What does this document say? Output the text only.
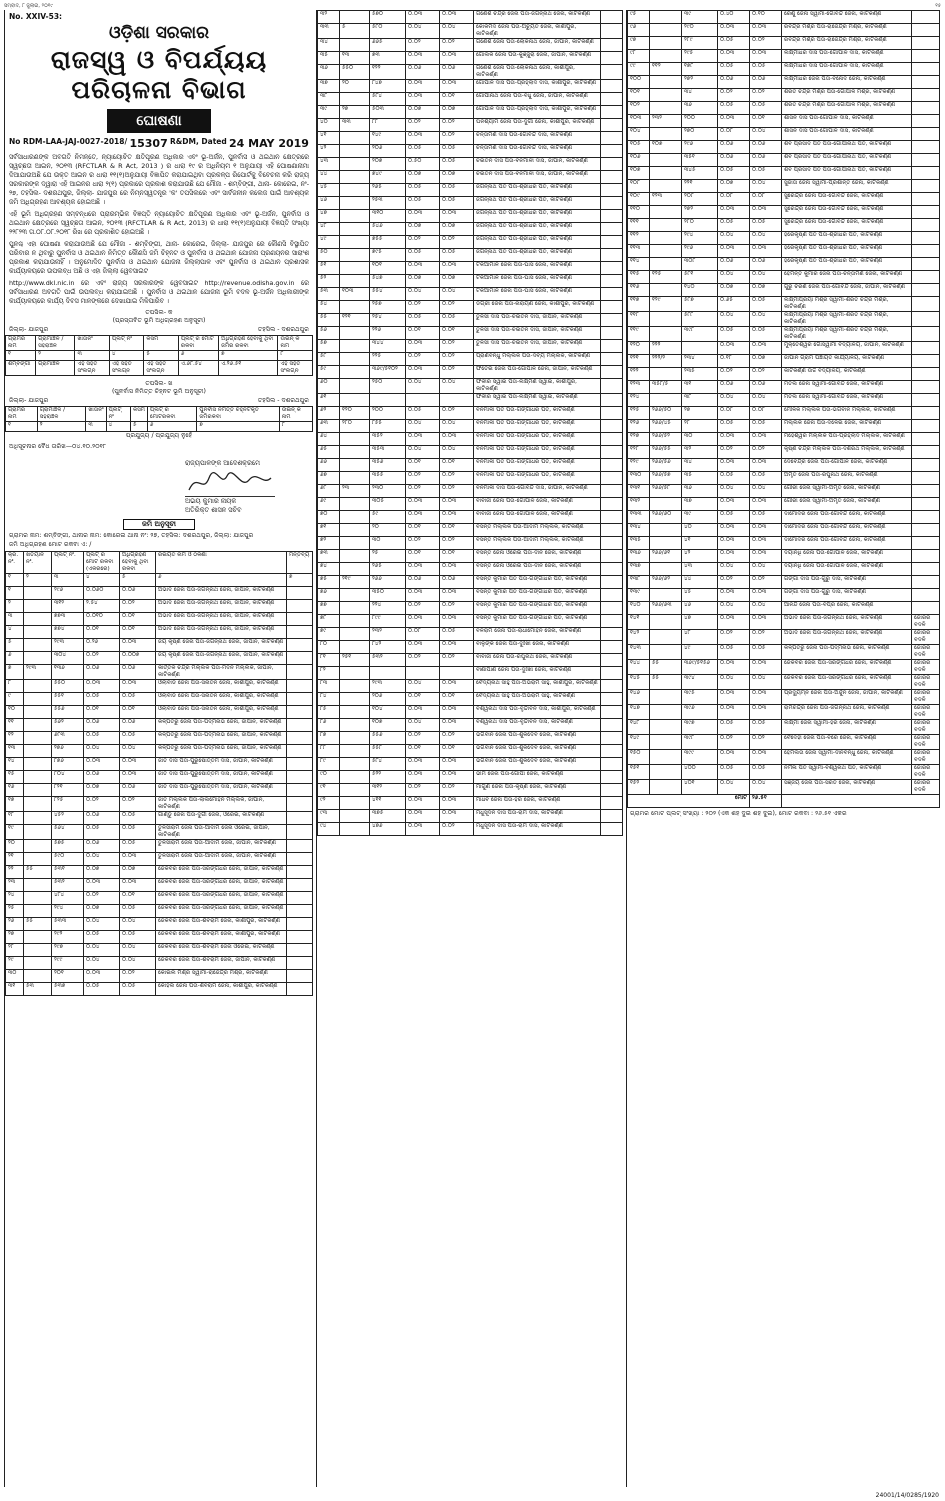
ସମ୍ବାଦ, ୮ ଜୁଲାଇ, ୨୦୧୯	୧୫
No. XXIV-53:
ଓଡ଼ିଶା ସରକାର
ରାଜସ୍ୱ ଓ ବିପର୍ଯ୍ୟୟ ପରିଚାଳନା ବିଭାଗ
ଘୋଷଣା
No RDM-LAA-JAJ-0027-2018/ 15307 R&DM, Dated 24 MAY 2019
ସର୍ବସାଧାରଣଙ୍କ ଅବଗତି ନିମନ୍ତେ, ନ୍ୟାୟୋଚିତ କ୍ଷତିପୂରଣ ଅଧିକାର ଏବଂ ଭୂ-ଅର୍ଜନ, ପୁନର୍ବାସ ଓ ଥଇଥାନ କ୍ଷେତ୍ରରେ ସ୍ୱଚ୍ଛତା ଆଇନ, ୨୦୧୩ (RFCTLAR & R Act, 2013 ) ର ଧାରା ୧୯ ର ଅଧିନିୟମ ୧ ଅନୁଯାୟୀ ଏହି ଘୋଷଣାନାମା ଦିଆଯାଉଅଛି ଯେ ଉକ୍ତ ଆଇନ ର ଧାରା ୧୧(୧)ଅନୁଯାୟୀ ବିଜ୍ଞାପିତ କରାଯାଇଥିବା ପ୍ରକଳ୍ପ ରିପୋର୍ଟକୁ ବିବେଚନା କରି ରାଜ୍ୟ ସରକାରଙ୍କ ଦ୍ୱାରା ଏହି ଆଇନର ଧାରା ୨(୧) ପ୍ରକାରେ ପ୍ରକାଶ କରାଯାଉଛି ଯେ ମୌଜା - ଶମ୍ବିଙ୍ଗୀ, ଥାନା- କୋରେଇ, ନଂ- ୨୭, ତହସିଲ- ଦଶରଥପୁର, ଜିଲ୍ଲା- ଯାଜପୁର ରେ ନିମ୍ନସ୍ୱତନ୍ତ୍ର 'କ' ତପସିଲରେ ଏବଂ ସାର୍ବଜନୀନ କଲେଜ ପାଇଁ ଆବଶ୍ୟକ ଜମି ଅଧିଗ୍ରହଣ ଆବଶ୍ୟକ ହୋଇଅଛି ।
ଏହି ଭୂମି ଅଧିଗ୍ରହଣ ସମ୍ବନ୍ଧରେ ପ୍ରାରମ୍ଭିକ ବିଜ୍ଞପ୍ତି ନ୍ୟାୟୋଚିତ କ୍ଷତିପୂରଣ ଅଧିକାର ଏବଂ ଭୂ-ଅର୍ଜନ, ପୁନର୍ବାସ ଓ ଥଇଥାନ କ୍ଷେତ୍ରରେ ସ୍ୱଚ୍ଛତା ଆଇନ, ୨୦୧୩ (RFCTLAR & R Act, 2013) ର ଧାରା ୧୧(୧)ଅନୁଯାୟୀ ବିଜ୍ଞପ୍ତି ସଂଖ୍ୟା ୨୨୮୨୩ ତା.୦୮.୦୮.୨୦୧୮ ରିଖ ରେ ପ୍ରକାଶିତ ହୋଇଅଛି ।
ପୁନଶ୍ଚ ଏହା ଘୋଷଣା କରାଯାଉଅଛି ଯେ ମୌଜା - ଶମ୍ବିଙ୍ଗୀ, ଥାନା- କୋରେଇ, ଜିଲ୍ଲା- ଯାଜପୁର ରେ କୌଣସି ବିସ୍ଥାପିତ ପରିବାର ନ ଥିବାରୁ ପୁନର୍ବାସ ଓ ଥଇଥାନ ନିମିତ୍ତ କୌଣସି ଜମି ଚିହ୍ନଟ ଓ ପୁନର୍ବାସ ଓ ଥଇଥାନ ଯୋଜନା ପ୍ରଣୟନର ସାରାଂଶ ପ୍ରକାଶ କରାଯାଉନାହିଁ । ଅନୁମୋଦିତ ପୁନର୍ବାସ ଓ ଥଇଥାନ ଯୋଜନା ଜିଲ୍ଲାପାଳ ଏବଂ ପୁନର୍ବାସ ଓ ଥଇଥାନ ପ୍ରଶାସକ କାର୍ଯ୍ୟାଳୟରେ ଉପଲବ୍ଧ ଅଛି ଓ ଏହା ଜିଲ୍ଲା ୱେବସାଇଟ
http://www.dkl.nic.in ରେ ଏବଂ ରାଜ୍ୟ ସରକାରଙ୍କ ୱେବସାଇଟ http://revenue.odisha.gov.in ରେ ସର୍ବସାଧାରଣ ଅବଗତି ପାଇଁ ଉପଲବ୍ଧ କରାଯାଇଅଛି । ପୁନର୍ବାସ ଓ ଥଇଥାନ ଯୋଜନା ଭୂମି ବଦଳ ଭୂ-ଅର୍ଜନ ଅଧିକାରୀଙ୍କ କାର୍ଯ୍ୟାଳୟରେ କାର୍ଯ୍ୟ ଦିବସ ମାନଙ୍କରେ ଦେଖାଯାଇ ମିଳିପାରିବ ।
ତପସିଲ- କ
(ପ୍ରସ୍ତାବିତ ଭୂମି ଅଧିଗ୍ରହଣ ଅନୁସୂଚୀ)
ଜିଲ୍ଲା- ଯାଜପୁର	ତହସିଲ - ଦଶରଥପୁର
ଗ୍ରାମର ନାମ	ଗ୍ରାମାଞ୍ଚଳ / ସହରାଞ୍ଚଳ	ଖାତାନଂ	ପ୍ଲଟ୍ ନଂ	କିସମ	ପ୍ଲଟ୍ ର ମୋଟ ରକବା	ଅଧିଗ୍ରହଣ ହେବାକୁ ଥିବା ଜମିର ରକବା	ଉଇନ୍ କ ନାମ
୧	୨	୩	୪	୫	୬	୭	୮
ଶମ୍ବିଙ୍ଗୀ	ଗ୍ରାମାଞ୍ଚଳ	ଏହି ସହିତ ସଂଲଗ୍ନ	ଏହି ସହିତ ସଂଲଗ୍ନ	ଏହି ସହିତ ସଂଲଗ୍ନ	ଏ.୬୮.୫୪	ଏ.୨୬.୫୧	ଏହି ସହିତ ସଂଲଗ୍ନ
ତପସିଲ- ଖ
(ପୁନର୍ବାସ ନିମିତ୍ତ ଚିହ୍ନଟ ଭୂମି ଅନୁସୂଚୀ)
ଜିଲ୍ଲା- ଯାଜପୁର	ତହସିଲ - ଦଶରଥପୁର
ଗ୍ରାମର ନାମ	ଗ୍ରାମାଞ୍ଚଳ / ସହରାଞ୍ଚଳ	ଖାତାନଂ	ପ୍ଲଟ୍ ନଂ	କିସମ	ପ୍ଲଟ୍ ର ମୋଟରକବା	ପୁନର୍ବାସ ନିମିତ୍ତ ଚିହ୍ନଟକୃତ ଜମିରକବା	ଉଇନ୍ କ ନାମ
୧	୨	୩	୪	୫	୬	୭	୮
ପ୍ରଯୁଜ୍ୟ / ପ୍ରଯୁଜ୍ୟ ନୁହେଁ
ଅଧିସୂଚନାର ବୈଧ ତାରିଖ—୦୪.୧୦.୨୦୧୮
ରାଜ୍ୟପାଳଙ୍କ ଆଦେଶକ୍ରମେ
ଅଭୟ କୁମାର ନାୟକ
ଅତିରିକ୍ତ ଶାସନ ସଚିବ
ଜମି ଅନୁସୂଚୀ
ଗ୍ରାମର ନାମ: ଶମ୍ବିଙ୍ଗୀ, ଥାନାର ନାମ: କୋରେଇ ଥାନା ନଂ: ୨୭, ତହସିଲ: ଦଶରଥପୁର, ଜିଲ୍ଲା: ଯାଜପୁର
ଜମି ଅଧିଗ୍ରହଣ ମୋଟ ରକବା ଏ: /
କ୍ର. ନଂ.	ଖତିୟାନ ନଂ.	ପ୍ଲଟ୍ ନଂ.	ପ୍ଲଟ୍ ର ମୋଟ ରକବା (ଏକରରେ)	ଅଧିଗ୍ରହଣ ହେବାକୁ ଥିବା ରକବା	ରଇୟତ ନାମ ଓ ଠିକଣା	ମନ୍ତବ୍ୟ
୧	୨	୩	୪	୫	୬	୭
୧		୨୯୬	୦.୦୬୦	୦.୦୬	ଅଭାଦି ଜେନା ପିତା-ଜଗନ୍ନାଥ ଜେନା, ଜାପାନ, କାଟିକର୍ଣ୍ଣ	
୨		୩୧୨	୨.୫୪	୦.୦୨	ଅଭାଦି ଜେନା ପିତା-ଜଗନ୍ନାଥ ଜେନା, ଜାପାନ, କାଟିକର୍ଣ୍ଣ	
୩		୭୭୩	୦.୦୧୦	୦.୦୧	ଅଭାଦି ଜେନା ପିତା-ଜଗନ୍ନାଥ ଜେନା, ଜାପାନ, କାଟିକର୍ଣ୍ଣ	
୪		୭୭୪	୦.୦୧	୦.୦୧	ଅଭାଦି ଜେନା ପିତା-ଜଗନ୍ନାଥ ଜେନା, ଜାପାନ, କାଟିକର୍ଣ୍ଣ	
୫		୨୯୩	୦.୨୬	୦.୦୩	ଜୟ କୃଷ୍ଣ ଜେନା ପିତା-ଜଗନ୍ନାଥ ଜେନା, ଜାପାନ, କାଟିକର୍ଣ୍ଣ	
୬		୩୦୪	୦.୦୨	୦.୦୦୭	ଜୟ କୃଷ୍ଣ ଜେନା ପିତା-ଜଗନ୍ନାଥ ଜେନା, ଜାପାନ, କାଟିକର୍ଣ୍ଣ	
୭	୨୯୩	୧୩୬	୦.୦୬	୦.୦୬	କାର୍ତ୍ତିକ ଚନ୍ଦ୍ର ମଲ୍ଲିକ ପିତା-ମଦନ ମଲ୍ଲିକ, ଜାପାନ, କାଟିକର୍ଣ୍ଣ	
୮		୫୫୦	୦.୦୩	୦.୦୩	ଓଲାବାଡି ଜେନା ପିତା-ସନାତନ ଜେନା, କାଶୀପୁର, କାଟିକର୍ଣ୍ଣ	
୯		୫୫୧	୦.୦୫	୦.୦୫	ଓଲାବାଡି ଜେନା ପିତା-ସନାତନ ଜେନା, କାଶୀପୁର, କାଟିକର୍ଣ୍ଣ	
୧୦		୫୫୬	୦.୦୧	୦.୦୧	ଓଲାବାଡି ଜେନା ପିତା-ସନାତନ ଜେନା, କାଶୀପୁର, କାଟିକର୍ଣ୍ଣ	
୧୧		୫୬୨	୦.୦୬	୦.୦୬	କଳ୍ପତରୁ ଜେନା ପିତା-ପଦ୍ମନାଭ ଜେନା, ଜାପାନ, କାଟିକର୍ଣ୍ଣ	
୧୨		୬୮୩	୦.୦୫	୦.୦୫	କଳ୍ପତରୁ ଜେନା ପିତା-ପଦ୍ମନାଭ ଜେନା, ଜାପାନ, କାଟିକର୍ଣ୍ଣ	
୧୩		୨୭୬	୦.୦୪	୦.୦୪	କଳ୍ପତରୁ ଜେନା ପିତା-ପଦ୍ମନାଭ ଜେନା, ଜାପାନ, କାଟିକର୍ଣ୍ଣ	
୧୪		୮୭୬	୦.୦୩	୦.୦୩	ଜାତି ଦାସ ପିତା-ପୁରୁଷୋତ୍ତମ ଦାସ, ଜାପାନ, କାଟିକର୍ଣ୍ଣ	
୧୫		୮୦୪	୦.୦୬	୦.୦୩	ଜାତି ଦାସ ପିତା-ପୁରୁଷୋତ୍ତମ ଦାସ, ଜାପାନ, କାଟିକର୍ଣ୍ଣ	
୧୬		୮୨୧	୦.୦୭	୦.୦୬	ଜାତି ଦାସ ପିତା-ପୁରୁଷୋତ୍ତମ ଦାସ, ଜାପାନ, କାଟିକର୍ଣ୍ଣ	
୧୭		୮୨୫	୦.୦୨	୦.୦୨	ଜାତି ମଲ୍ଲିକ ପିତା-ଲାଲମୋହନ ମଲ୍ଲିକ, ଜାପାନ, କାଟିକର୍ଣ୍ଣ	
୧୮		୪୫୨	୦.୦୬	୦.୦୫	ଗାଣ୍ଡୁ ଜେନା ପିତା-ଦୁର୍ଗୀ ଜେନା, ଓରେଇ, କାଟିକର୍ଣ୍ଣ	
୧୯		୫୬୪	୦.୦୫	୦.୦୫	ତୁଳସୀରାମ ଜେନା ପିତା-ଆଦାମ ଜେନା ଓରେଇ, ଜାପାନ, କାଟିକର୍ଣ୍ଣ	
୨୦		୫୭୫	୦.୦୬	୦.୦୫	ତୁଳସୀରାମ ଜେନା ପିତା-ଆଦାମ ଜେନା, ଜାପାନ, କାଟିକର୍ଣ୍ଣ	
୨୧		୫୯୦	୦.୦୪	୦.୦୩	ତୁଳସୀରାମ ଜେନା ପିତା-ଆଦାମ ଜେନା, ଜାପାନ, କାଟିକର୍ଣ୍ଣ	
୨୨	୫୫	୫୩୧	୦.୦୭	୦.୦୭	ଜେକବର ଜେନା ପିତା-ସରଙ୍ଗଧର ଜେନା, ଜାପାନ, କାଟିକର୍ଣ୍ଣ	
୨୩		୫୩୨	୦.୦୩	୦.୦୩	ଜେକବର ଜେନା ପିତା-ସରଙ୍ଗଧର ଜେନା, ଜାପାନ, କାଟିକର୍ଣ୍ଣ	
୨୪		୪୮୪	୦.୦୨	୦.୦୧	ଜେକବର ଜେନା ପିତା-ସରଙ୍ଗଧର ଜେନା, ଜାପାନ, କାଟିକର୍ଣ୍ଣ	
୨୫		୨୯୪	୦.୦୭	୦.୦୫	ଜେକବର ଜେନା ପିତା-ସରଙ୍ଗଧର ଜେନା, ଜାପାନ, କାଟିକର୍ଣ୍ଣ	
୨୬	୫୫	୫୩୩	୦.୦୪	୦.୦୪	ଜେକବର ଜେନା ପିତା-ଶିବରାମ ଜେନା, କାଶୀପୁର, କାଟିକର୍ଣ୍ଣ	
୨୭		୨୯୨	୦.୦୫	୦.୦୫	ଜେକବର ଜେନା ପିତା-ଶିବରାମ ଜେନା, କାଶୀପୁର, କାଟିକର୍ଣ୍ଣ	
୨୮		୨୯୭	୦.୦୪	୦.୦୪	ଜେକବର ଜେନା ପିତା-ଶିବରାମ ଜେନା ଓରେଇ, କାଟିକର୍ଣ୍ଣ	
୨୯		୨୯୯	୦.୦୪	୦.୦୪	ଜେକବର ଜେନା ପିତା-ଶିବରାମ ଜେନା, ଜାପାନ, କାଟିକର୍ଣ୍ଣ	
୩୦		୨୦୧	୦.୦୩	୦.୦୨	କୋଇଲି ମିଶ୍ର ସ୍ୱାମୀ-ରାଜେନ୍ଦ୍ର ମିଶ୍ର, କାଟିକର୍ଣ୍ଣ	
୩୧	୫୩	୫୩୭	୦.୦୫	୦.୦୫	କୋହଲ ଜେନା ପିତା-ଶିବରାମ ଜେନା, କାଶୀପୁର, କାଟିକର୍ଣ୍ଣ	
୩୨		୫୭୦	୦.୦୩	୦.୦୩	ଗଣେଶ ଚନ୍ଦ୍ର ଜେନା ପିତା-ଜଗନ୍ନାଥ ଜେନା, କାଟିକର୍ଣ୍ଣ	
୩୩	୫	୫୮୦	୦.୦୪	୦.୦୪	କୋକମଦ ଜେନା ପିତା-ଅଚ୍ୟୁତ ଜେନା, କାଶୀପୁର, କାଟିକର୍ଣ୍ଣ	
୩୪		୬୬୫	୦.୦୨	୦.୦୨	ଗଣେଶ ଜେନା ପିତା-ଲୋକନାଥ ଜେନା, ଜାପାନ, କାଟିକର୍ଣ୍ଣ	
୩୫	୧୩	୭୩	୦.୦୩	୦.୦୩	ଗୋଲକ ଜେନା ପିତା-କୁଞ୍ଜୁରା ଜେନା, ଜାପାନ, କାଟିକର୍ଣ୍ଣ	
୩୬	୫୫୦	୧୨୨	୦.୦୬	୦.୦୬	ଗଣେଶ ଜେନା ପିତା-ଲୋକନାଥ ଜେନା, କାଶୀପୁର, କାଟିକର୍ଣ୍ଣ	
୩୭	୨୦	୮୪୭	୦.୦୩	୦.୦୩	ଗୋପାଳ ଦାସ ପିତା-ପ୍ରହ୍ଲାଦ ଦାସ, କାଶୀପୁର, କାଟିକର୍ଣ୍ଣ	
୩୮		୫୮୪	୦.୦୩	୦.୦୧	ଗୋପୀନାଥ ଜେନା ପିତା-ବିଧୁ ଜେନା, ଜାପାନ, କାଟିକର୍ଣ୍ଣ	
୩୯	୨୭	୫୦୩	୦.୦୭	୦.୦୭	ଗୋପାଳ ଦାସ ପିତା-ପ୍ରହ୍ଲାଦ ଦାସ, କାଶୀପୁର, କାଟିକର୍ଣ୍ଣ	
୪୦	୩୩	୮୮	୦.୦୨	୦.୦୨	ଘନଶ୍ୟାମ ଜେନା ପିତା-ଦୁର୍ଗା ଜେନା, କାଶୀପୁର, କାଟିକର୍ଣ୍ଣ	
୪୧		୧୪୯	୦.୦୩	୦.୦୨	ଚିନ୍ତାମଣି ଦାସ ପିତା-ଗୋବିନ୍ଦ ଦାସ, କାଟିକର୍ଣ୍ଣ	
୪୨		୨୦୬	୦.୦୫	୦.୦୫	ଚିନ୍ତାମଣି ଦାସ ପିତା-ଗୋବିନ୍ଦ ଦାସ, କାଟିକର୍ଣ୍ଣ	
୪୩		୨୦୭	୦.୫୦	୦.୦୫	ଚଇତନ ଦାସ ପିତା-ବନମାଳୀ ଦାସ, ଜାପାନ, କାଟିକର୍ଣ୍ଣ	
୪୪		୭୪୯	୦.୦୭	୦.୦୭	ଚଇତନ ଦାସ ପିତା-ବନମାଳୀ ଦାସ, ଜାପାନ, କାଟିକର୍ଣ୍ଣ	
୪୫		୨୬୫	୦.୦୫	୦.୦୫	ଜଗନ୍ନାଥ ପତି ପିତା-ଶ୍ରୀଧର ପତି, କାଟିକର୍ଣ୍ଣ	
୪୬		୨୫୩	୦.୦୫	୦.୦୫	ଜଗନ୍ନାଥ ପତି ପିତା-ଶ୍ରୀଧର ପତି, କାଟିକର୍ଣ୍ଣ	
୪୭		୩୧୦	୦.୦୩	୦.୦୩	ଜଗନ୍ନାଥ ପତି ପିତା-ଶ୍ରୀଧର ପତି, କାଟିକର୍ଣ୍ଣ	
୪୮		୫୪୬	୦.୦୭	୦.୦୭	ଜଗନ୍ନାଥ ପତି ପିତା-ଶ୍ରୀଧର ପତି, କାଟିକର୍ଣ୍ଣ	
୪୯		୭୫୫	୦.୦୨	୦.୦୨	ଜଗନ୍ନାଥ ପତି ପିତା-ଶ୍ରୀଧର ପତି, କାଟିକର୍ଣ୍ଣ	
୫୦		୭୯୫	୦.୦୫	୦.୦୫	ଜଗନ୍ନାଥ ପତି ପିତା-ଶ୍ରୀଧର ପତି, କାଟିକର୍ଣ୍ଣ	
୫୧		୧୦୧	୦.୦୩	୦.୦୩	ଟିକିଆମାଳି ଜେନା ପିତା-ଘାସି ଜେନା, କାଟିକର୍ଣ୍ଣ	
୫୨		୫୪୭	୦.୦୭	୦.୦୭	ଟିକିଆମାଳି ଜେନା ପିତା-ଘାସି ଜେନା, କାଟିକର୍ଣ୍ଣ	
୫୩	୧୦୩	୫୫୪	୦.୦୪	୦.୦୪	ଟିକିଆମାଳି ଜେନା ପିତା-ଘାସି ଜେନା, କାଟିକର୍ଣ୍ଣ	
୫୪		୨୫୭	୦.୦୨	୦.୦୨	ଡିଗ୍ରୀ ଜେନା ପିତା-ନାରାୟଣ ଜେନା, କାଶୀପୁର, କାଟିକର୍ଣ୍ଣ	
୫୫	୧୨୧	୨୫୪	୦.୦୫	୦.୦୫	ତୁଳସୀ ଦାସ ପିତା-ଚଇତନ ଦାସ, ଜାପାନ, କାଟିକର୍ଣ୍ଣ	
୫୬		୨୨୬	୦.୦୧	୦.୦୧	ତୁଳସୀ ଦାସ ପିତା-ଚଇତନ ଦାସ, ଜାପାନ, କାଟିକର୍ଣ୍ଣ	
୫୭		୩୪୪	୦.୦୩	୦.୦୨	ତୁଳସୀ ଦାସ ପିତା-ଚଇତନ ଦାସ, ଜାପାନ, କାଟିକର୍ଣ୍ଣ	
୫୮		୨୨୫	୦.୦୨	୦.୦୨	ପ୍ରାଣବନ୍ଧୁ ମଲ୍ଲିକ ପିତା-ଦିବ୍ୟ ମଲ୍ଲିକ, କାଟିକର୍ଣ୍ଣ	
୫୯		୩୬୯/୫୧୦୨	୦.୦୩	୦.୦୨	ଫତେଇ ଜେନା ପିତା-ଗୋପାଳ ଜେନା, ଜାପାନ, କାଟିକର୍ଣ୍ଣ	
୬୦		୨୫୦	୦.୦୪	୦.୦୪	ଫକୀର ସ୍ୱାଇଁ ପିତା-ଲକ୍ଷ୍ମଣ ସ୍ୱାଇଁ, କାଶୀପୁର, କାଟିକର୍ଣ୍ଣ	
୬୧					ଫକୀର ସ୍ୱାଇଁ ପିତା-ଲକ୍ଷ୍ମଣ ସ୍ୱାଇଁ, କାଟିକର୍ଣ୍ଣ	
୬୨	୧୨୦	୨୦୦	୦.୦୫	୦.୦୨	ବନମାଳୀ ପତି ପିତା-ଗଙ୍ଗାଧର ପତି, କାଟିକର୍ଣ୍ଣ	
୬୩	୨୮୦	୮୫୫	୦.୦୪	୦.୦୪	ବନମାଳୀ ପତି ପିତା-ଗଙ୍ଗାଧର ପତି, କାଟିକର୍ଣ୍ଣ	
୬୪		୩୫୨	୦.୦୩	୦.୦୩	ବନମାଳୀ ପତି ପିତା-ଗଙ୍ଗାଧର ପତି, କାଟିକର୍ଣ୍ଣ	
୬୫		୩୫୩	୦.୦୪	୦.୦୪	ବନମାଳୀ ପତି ପିତା-ଗଙ୍ଗାଧର ପତି, କାଟିକର୍ଣ୍ଣ	
୬୬		୩୫୬	୦.୦୧	୦.୦୧	ବନମାଳୀ ପତି ପିତା-ଗଙ୍ଗାଧର ପତି, କାଟିକର୍ଣ୍ଣ	
୬୭		୩୫୫	୦.୦୨	୦.୦୨	ବନମାଳୀ ପତି ପିତା-ଗଙ୍ଗାଧର ପତି, କାଟିକର୍ଣ୍ଣ	
୬୮	୨୩	୨୩୦	୦.୦୨	୦.୦୨	ବନମାଳୀ ଦାସ ପିତା-ଗୋବିନ୍ଦ ଦାସ, ଜାପାନ, କାଟିକର୍ଣ୍ଣ	
୬୯		୩୦୫	୦.୦୩	୦.୦୩	ବାବାଜୀ ଜେନା ପିତା-ଗୋପାଳ ଜେନା, କାଟିକର୍ଣ୍ଣ	
୭୦		୫୯	୦.୦୩	୦.୦୩	ବାବାଜୀ ଜେନା ପିତା-ଗୋପାଳ ଜେନା, କାଟିକର୍ଣ୍ଣ	
୭୧		୨୦	୦.୦୧	୦.୦୧	ବସନ୍ତ ମଲ୍ଲିକ ପିତା-ଆଦାମ ମଲ୍ଲିକ, କାଟିକର୍ଣ୍ଣ	
୭୨		୩୦	୦.୦୨	୦.୦୨	ବସନ୍ତ ମଲ୍ଲିକ ପିତା-ଆଦାମ ମଲ୍ଲିକ, କାଟିକର୍ଣ୍ଣ	
୭୩		୨୫	୦.୦୧	୦.୦୧	ବସନ୍ତ ଜେନା ଓରେଇ ପିତା-ଦୀନ ଜେନା, କାଟିକର୍ଣ୍ଣ	
୭୪		୨୬୫	୦.୦୩	୦.୦୩	ବସନ୍ତ ଜେନା ଓରେଇ ପିତା-ଦୀନ ଜେନା, କାଟିକର୍ଣ୍ଣ	
୭୫	୨୧୯	୨୬୬	୦.୦୬	୦.୦୬	ବସନ୍ତ କୁମାର ପତି ପିତା-ଗଙ୍ଗାଧର ପତି, କାଟିକର୍ଣ୍ଣ	
୭୬		୩୫୦	୦.୦୩	୦.୦୩	ବସନ୍ତ କୁମାର ପତି ପିତା-ଗଙ୍ଗାଧର ପତି, କାଟିକର୍ଣ୍ଣ	
୭୭		୨୨୪	୦.୦୨	୦.୦୨	ବସନ୍ତ କୁମାର ପତି ପିତା-ଗଙ୍ଗାଧର ପତି, କାଟିକର୍ଣ୍ଣ	
୭୮		୮୯୯	୦.୦୩	୦.୦୩	ବସନ୍ତ କୁମାର ପତି ପିତା-ଗଙ୍ଗାଧର ପତି, କାଟିକର୍ଣ୍ଣ	
୭୯		୨୩୨	୦.୦୮	୦.୦୫	ବଳରାମ ଜେନା ପିତା-ରାଧାମୋହନ ଜେନା, କାଟିକର୍ଣ୍ଣ	
୮୦		୮୪୨	୦.୦୩	୦.୦୩	ବାଳୁଙ୍କି ଜେନା ପିତା-ଦୁଃଖୀ ଜେନା, କାଟିକର୍ଣ୍ଣ	
୮୧	୨୫୧	୫୩୨	୦.୦୨	୦.୦୨	ବାବାଜୀ ଜେନା ପିତା-ରଘୁନାଥ ଜେନା, କାଟିକର୍ଣ୍ଣ	
୮୨					ବୀଣାପାଣି ଜେନା ପିତା-ଦୁଃଖୀ ଜେନା, କାଟିକର୍ଣ୍ଣ	
୮୩		୨୯୩	୦.୦୪	୦.୦୩	ବୈଦ୍ୟନାଥ ସାହୁ ପିତା-ଅଭିରାମ ସାହୁ, କାଶୀପୁର, କାଟିକର୍ଣ୍ଣ	
୮୪		୨୦୬	୦.୦୧	୦.୦୧	ବୈଦ୍ୟନାଥ ସାହୁ ପିତା-ଅଭିରାମ ସାହୁ, କାଟିକର୍ଣ୍ଣ	
୮୫		୧୦୪	୦.୦୩	୦.୦୩	ବିଶ୍ୱନାଥ ଦାସ ପିତା-ବୃନ୍ଦାବନ ଦାସ, କାଶୀପୁର, କାଟିକର୍ଣ୍ଣ	
୮୬		୧୦୭	୦.୦୪	୦.୦୩	ବିଶ୍ୱନାଥ ଦାସ ପିତା-ବୃନ୍ଦାବନ ଦାସ, କାଟିକର୍ଣ୍ଣ	
୮୭		୫୫୬	୦.୦୨	୦.୦୨	ଭଗବାନ ଜେନା ପିତା-ଶୁକଦେବ ଜେନା, କାଟିକର୍ଣ୍ଣ	
୮୮		୫୫୮	୦.୦୧	୦.୦୧	ଭଗବାନ ଜେନା ପିତା-ଶୁକଦେବ ଜେନା, କାଟିକର୍ଣ୍ଣ	
୮୯		୫୮୪	୦.୦୩	୦.୦୩	ଭଗବାନ ଜେନା ପିତା-ଶୁକଦେବ ଜେନା, କାଟିକର୍ଣ୍ଣ	
୯୦		୫୨୨	୦.୦୩	୦.୦୩	ଭୀମ ଜେନା ପିତା-ଗୋପୀ ଜେନା, କାଟିକର୍ଣ୍ଣ	
୯୧		୩୧୨	୦.୦୨	୦.୦୨	ମାଗୁଣି ଜେନା ପିତା-କୃଷ୍ଣ ଜେନା, କାଟିକର୍ଣ୍ଣ	
୯୨		୪୧୧	୦.୦୩	୦.୦୩	ମାଧବ ଜେନା ପିତା-ହରି ଜେନା, କାଟିକର୍ଣ୍ଣ	
୯୩		୩୭୫	୦.୦୩	୦.୦୩	ମଧୁସୂଦନ ଦାସ ପିତା-ରାମ ଦାସ, କାଟିକର୍ଣ୍ଣ	
୯୪		୪୭୬	୦.୦୩	୦.୦୨	ମଧୁସୂଦନ ଦାସ ପିତା-ରାମ ଦାସ, କାଟିକର୍ଣ୍ଣ	
୯୫		୩୯	୦.୪୦	୦.୧୦	ରେଣୁ ଜେନା ସ୍ୱାମୀ-ଗୋବିନ୍ଦ ଜେନା, କାଟିକର୍ଣ୍ଣ	
୯୬		୨୯୦	୦.୦୩	୦.୦୩	ରବିନ୍ଦ୍ର ମିଶ୍ର ପିତା-ରାଜେନ୍ଦ୍ର ମିଶ୍ର, କାଟିକର୍ଣ୍ଣ	
୯୭		୨୮୯	୦.୦୫	୦.୦୨	ରବିନ୍ଦ୍ର ମିଶ୍ର ପିତା-ରାଜେନ୍ଦ୍ର ମିଶ୍ର, କାଟିକର୍ଣ୍ଣ	
୯୮		୨୯୫	୦.୦୩	୦.୦୩	ଲକ୍ଷ୍ମୀଧର ଦାସ ପିତା-ଗୋପାଳ ଦାସ, କାଟିକର୍ଣ୍ଣ	
୯୯	୧୧୨	୧୭୮	୦.୦୫	୦.୦୫	ଲକ୍ଷ୍ମୀଧର ଦାସ ପିତା-ଗୋପାଳ ଦାସ, କାଟିକର୍ଣ୍ଣ	
୧୦୦		୨୭୨	୦.୦୬	୦.୦୬	ଲକ୍ଷ୍ମୀଧର ଜେନା ପିତା-ବିନୋଦ ଜେନା, କାଟିକର୍ଣ୍ଣ	
୧୦୧		୩୪	୦.୦୨	୦.୦୨	ଶରତ ଚନ୍ଦ୍ର ମିଶ୍ର ପିତା-ଗୋପାଳ ମିଶ୍ର, କାଟିକର୍ଣ୍ଣ	
୧୦୨		୩୬	୦.୦୫	୦.୦୫	ଶରତ ଚନ୍ଦ୍ର ମିଶ୍ର ପିତା-ଗୋପାଳ ମିଶ୍ର, କାଟିକର୍ଣ୍ଣ	
୧୦୩	୨୩୨	୨୦୦	୦.୦୩	୦.୦୧	ଶାସନ ଦାସ ପିତା-ଗୋପାଳ ଦାସ, କାଟିକର୍ଣ୍ଣ	
୧୦୪		୨୭୦	୦.୦୮	୦.୦୪	ଶାସନ ଦାସ ପିତା-ଗୋପାଳ ଦାସ, କାଟିକର୍ଣ୍ଣ	
୧୦୫	୧୦୭	୨୯୬	୦.୦୬	୦.୦୬	ଶିବ ପ୍ରସାଦ ପତି ପିତା-ଗୋପୀନାଥ ପତି, କାଟିକର୍ଣ୍ଣ	
୧୦୬		୩୫୧	୦.୦୬	୦.୦୬	ଶିବ ପ୍ରସାଦ ପତି ପିତା-ଗୋପୀନାଥ ପତି, କାଟିକର୍ଣ୍ଣ	
୧୦୭		୩୪୫	୦.୦୫	୦.୦୫	ଶିବ ପ୍ରସାଦ ପତି ପିତା-ଗୋପୀନାଥ ପତି, କାଟିକର୍ଣ୍ଣ	
୧୦୮		୨୨୧	୦.୦୭	୦.୦୪	ସୁଜାତା ଜେନା ସ୍ୱାମୀ-ପ୍ରଶାନ୍ତ ଜେନା, କାଟିକର୍ଣ୍ଣ	
୧୦୯	୧୨୩	୨୦୮	୦.୦୮	୦.୦୮	ସୁରେନ୍ଦ୍ର ଜେନା ପିତା-ଗୋବିନ୍ଦ ଜେନା, କାଟିକର୍ଣ୍ଣ	
୧୧୦		୨୭୨	୦.୦୩	୦.୦୩	ସୁରେନ୍ଦ୍ର ଜେନା ପିତା-ଗୋବିନ୍ଦ ଜେନା, କାଟିକର୍ଣ୍ଣ	
୧୧୧		୨୮୦	୦.୦୫	୦.୦୫	ସୁରେନ୍ଦ୍ର ଜେନା ପିତା-ଗୋବିନ୍ଦ ଜେନା, କାଟିକର୍ଣ୍ଣ	
୧୧୨		୨୯୪	୦.୦୪	୦.୦୪	ହରେକୃଷ୍ଣ ପତି ପିତା-ଶ୍ରୀଧର ପତି, କାଟିକର୍ଣ୍ଣ	
୧୧୩		୨୯୬	୦.୦୩	୦.୦୩	ହରେକୃଷ୍ଣ ପତି ପିତା-ଶ୍ରୀଧର ପତି, କାଟିକର୍ଣ୍ଣ	
୧୧୪		୩୦୮	୦.୦୬	୦.୦୬	ହରେକୃଷ୍ଣ ପତି ପିତା-ଶ୍ରୀଧର ପତି, କାଟିକର୍ଣ୍ଣ	
୧୧୫	୧୨୫	୫୮୧	୦.୦୪	୦.୦୪	ହେମନ୍ତ କୁମାର ଜେନା ପିତା-ଚିନ୍ତାମଣି ଜେନା, କାଟିକର୍ଣ୍ଣ	
୧୧୬		୧୪୦	୦.୦୭	୦.୦୭	ଗୁରୁ ଚରଣ ଜେନା ପିତା-ଗୋବିନ୍ଦ ଜେନା, ଜାପାନ, କାଟିକର୍ଣ୍ଣ	
୧୧୭	୧୨୯	୫୮୭	୦.୬୫	୦.୦୫	ଲକ୍ଷ୍ମୀପ୍ରିୟା ମିଶ୍ର ସ୍ୱାମୀ-ଶରତ ଚନ୍ଦ୍ର ମିଶ୍ର, କାଟିକର୍ଣ୍ଣ	
୧୧୮		୫୮୮	୦.୦୪	୦.୦୪	ଲକ୍ଷ୍ମୀପ୍ରିୟା ମିଶ୍ର ସ୍ୱାମୀ-ଶରତ ଚନ୍ଦ୍ର ମିଶ୍ର, କାଟିକର୍ଣ୍ଣ	
୧୧୯		୩୯୮	୦.୦୫	୦.୦୫	ଲକ୍ଷ୍ମୀପ୍ରିୟା ମିଶ୍ର ସ୍ୱାମୀ-ଶରତ ଚନ୍ଦ୍ର ମିଶ୍ର, କାଟିକର୍ଣ୍ଣ	
୧୨୦	୨୨୨		୦.୦୩	୦.୦୩	ମୁକ୍ତେଶ୍ୱର ଗୋସ୍ୱାମୀ ବିଦ୍ୟାଳୟ, ଜାପାନ, କାଟିକର୍ଣ୍ଣ	
୧୨୧	୨୨୨/୨	୨୩୪	୦.୧୮	୦.୦୭	ଜାପାନ ଗ୍ରାମ ପଞ୍ଚାୟତ କାର୍ଯ୍ୟାଳୟ, କାଟିକର୍ଣ୍ଣ	
୧୨୨		୨୩୫	୦.୦୨	୦.୦୨	କାଟିକର୍ଣ୍ଣ ଉଚ୍ଚ ବିଦ୍ୟାଳୟ, କାଟିକର୍ଣ୍ଣ	
୧୨୩	୩୫୮/୫	୩୧	୦.୦୬	୦.୦୬	ମିତଲ ଜେନା ସ୍ୱାମୀ-ଗୋବିନ୍ଦ ଜେନା, କାଟିକର୍ଣ୍ଣ	
୧୨୪		୩୮	୦.୦୪	୦.୦୪	ମିତଲ ଜେନା ସ୍ୱାମୀ-ଗୋବିନ୍ଦ ଜେନା, କାଟିକର୍ଣ୍ଣ	
୧୨୫	୨୬୬/୫୦	୨୭	୦.୦୮	୦.୦୮	ମୌଳିକ ମଲ୍ଲିକ ପିତା-ଭଗବାନ ମଲ୍ଲିକ, କାଟିକର୍ଣ୍ଣ	
୧୨୬	୨୬୬/୪୫	୨୮	୦.୦୫	୦.୦୫	ମଲ୍ଲିକ ଜେନା ପିତା-ଦଳେଇ ଜେନା, କାଟିକର୍ଣ୍ଣ	
୧୨୭	୨୬୬/୫୨	୩୦	୦.୦୩	୦.୦୩	ମହେଶ୍ୱର ମଲ୍ଲିକ ପିତା-ପ୍ରହ୍ଲାଦ ମଲ୍ଲିକ, କାଟିକର୍ଣ୍ଣ	
୧୨୮	୨୬୬/୫୫	୩୨	୦.୦୨	୦.୦୨	କୃଷ୍ଣ ଚନ୍ଦ୍ର ମଲ୍ଲିକ ପିତା-ଦଶରଥ ମଲ୍ଲିକ, କାଟିକର୍ଣ୍ଣ	
୧୨୯	୨୬୬/୫୬	୩୪	୦.୦୩	୦.୦୩	ଦେବେନ୍ଦ୍ର ଜେନା ପିତା-ଗୋପାଳ ଜେନା, କାଟିକର୍ଣ୍ଣ	
୧୩୦	୨୬୬/୫୭	୩୫	୦.୦୫	୦.୦୫	ଅମୃତ ଜେନା ପିତା-ରଘୁନାଥ ଜେନା, କାଟିକର୍ଣ୍ଣ	
୧୩୧	୨୬୬/୫୮	୩୬	୦.୦୪	୦.୦୪	ଗୌରୀ ଜେନା ସ୍ୱାମୀ-ଅମୃତ ଜେନା, କାଟିକର୍ଣ୍ଣ	
୧୩୨		୩୭	୦.୦୩	୦.୦୩	ଗୌରୀ ଜେନା ସ୍ୱାମୀ-ଅମୃତ ଜେନା, କାଟିକର୍ଣ୍ଣ	
୧୩୩	୨୬୬/୬୦	୩୯	୦.୦୫	୦.୦୫	ଦାମୋଦର ଜେନା ପିତା-ଗୋବିନ୍ଦ ଜେନା, କାଟିକର୍ଣ୍ଣ	
୧୩୪		୪୦	୦.୦୩	୦.୦୩	ଦାମୋଦର ଜେନା ପିତା-ଗୋବିନ୍ଦ ଜେନା, କାଟିକର୍ଣ୍ଣ	
୧୩୫		୪୧	୦.୦୩	୦.୦୩	ଦାମୋଦର ଜେନା ପିତା-ଗୋବିନ୍ଦ ଜେନା, କାଟିକର୍ଣ୍ଣ	
୧୩୬	୨୬୬/୬୧	୪୨	୦.୦୩	୦.୦୩	ଦୟାନିଧି ଜେନା ପିତା-ଗୋପାଳ ଜେନା, କାଟିକର୍ଣ୍ଣ	
୧୩୭		୪୩	୦.୦୪	୦.୦୪	ଦୟାନିଧି ଜେନା ପିତା-ଗୋପାଳ ଜେନା, କାଟିକର୍ଣ୍ଣ	
୧୩୮	୨୬୬/୬୨	୪୪	୦.୦୨	୦.୦୨	ଗଙ୍ଗା ଦାସ ପିତା-ଗୁରୁ ଦାସ, କାଟିକର୍ଣ୍ଣ	
୧୩୯		୪୫	୦.୦୩	୦.୦୩	ଗଙ୍ଗା ଦାସ ପିତା-ଗୁରୁ ଦାସ, କାଟିକର୍ଣ୍ଣ	
୧୪୦	୨୬୬/୬୩	୪୬	୦.୦୪	୦.୦୪	ଆନନ୍ଦ ଜେନା ପିତା-ବିପ୍ର ଜେନା, କାଟିକର୍ଣ୍ଣ	
୧୪୧		୪୭	୦.୦୩	୦.୦୩	ଅଭାଦି ଜେନା ପିତା-ଜଗନ୍ନାଥ ଜେନା, କାଟିକର୍ଣ୍ଣ	ଜୋରର ବଦଳି
୧୪୨		୪୮	୦.୦୨	୦.୦୨	ଅଭାଦି ଜେନା ପିତା-ଜଗନ୍ନାଥ ଜେନା, କାଟିକର୍ଣ୍ଣ	ଜୋରର ବଦଳି
୧୪୩		୪୯	୦.୦୫	୦.୦୫	କଳ୍ପତରୁ ଜେନା ପିତା-ପଦ୍ମନାଭ ଜେନା, କାଟିକର୍ଣ୍ଣ	ଜୋରର ବଦଳି
୧୪୪	୫୫	୩୬୯/୫୧୫୬	୦.୦୩	୦.୦୩	ଜେକବର ଜେନା ପିତା-ସରଙ୍ଗଧର ଜେନା, କାଟିକର୍ଣ୍ଣ	ଜୋରର ବଦଳି
୧୪୫	୫୫	୩୯୪	୦.୦୪	୦.୦୪	ଜେକବର ଜେନା ପିତା-ସରଙ୍ଗଧର ଜେନା, କାଟିକର୍ଣ୍ଣ	ଜୋରର ବଦଳି
୧୪୬		୩୯୫	୦.୦୩	୦.୦୩	ପ୍ରଦ୍ୟୁମ୍ନ ଜେନା ପିତା-ଅର୍ଜୁନ ଜେନା, ଜାପାନ, କାଟିକର୍ଣ୍ଣ	ଜୋରର ବଦଳି
୧୪୭		୩୯୬	୦.୦୩	୦.୦୩	ରାମଚନ୍ଦ୍ର ଜେନା ପିତା-ଜଗନ୍ନାଥ ଜେନା, କାଟିକର୍ଣ୍ଣ	ଜୋରର ବଦଳି
୧୪୮		୩୯୭	୦.୦୫	୦.୦୫	ଲକ୍ଷ୍ମୀ ଜେନା ସ୍ୱାମୀ-ହରି ଜେନା, କାଟିକର୍ଣ୍ଣ	ଜୋରର ବଦଳି
୧୪୯		୩୯୮	୦.୦୨	୦.୦୨	ବୈଦେହୀ ଜେନା ପିତା-ବିରେ ଜେନା, କାଟିକର୍ଣ୍ଣ	ଜୋରର ବଦଳି
୧୫୦		୩୯୯	୦.୦୩	୦.୦୩	ହେମଲତା ଜେନା ସ୍ୱାମୀ-ଦୀନବନ୍ଧୁ ଜେନା, କାଟିକର୍ଣ୍ଣ	ଜୋରର ବଦଳି
୧୫୧		୪୦୦	୦.୦୫	୦.୦୫	ନିର୍ମଳା ପତି ସ୍ୱାମୀ-ବିଶ୍ୱନାଥ ପତି, କାଟିକର୍ଣ୍ଣ	ଜୋରର ବଦଳି
୧୫୨		୪୦୧	୦.୦୪	୦.୦୪	ସଞ୍ଜୟ ଜେନା ପିତା-ସରତ ଜେନା, କାଟିକର୍ଣ୍ଣ	ଜୋରର ବଦଳି
ମୋଟ				୨୬.୫୧		
ଗ୍ରାମର ମୋଟ ପ୍ଲଟ୍ ସଂଖ୍ୟା : ୨୦୨ (ଏକ ଶହ ଦୁଇ ଶହ ଦୁଇ), ମୋଟ ରକବା : ୨୬.୫୧ ଏକର
24001/14/0285/1920
